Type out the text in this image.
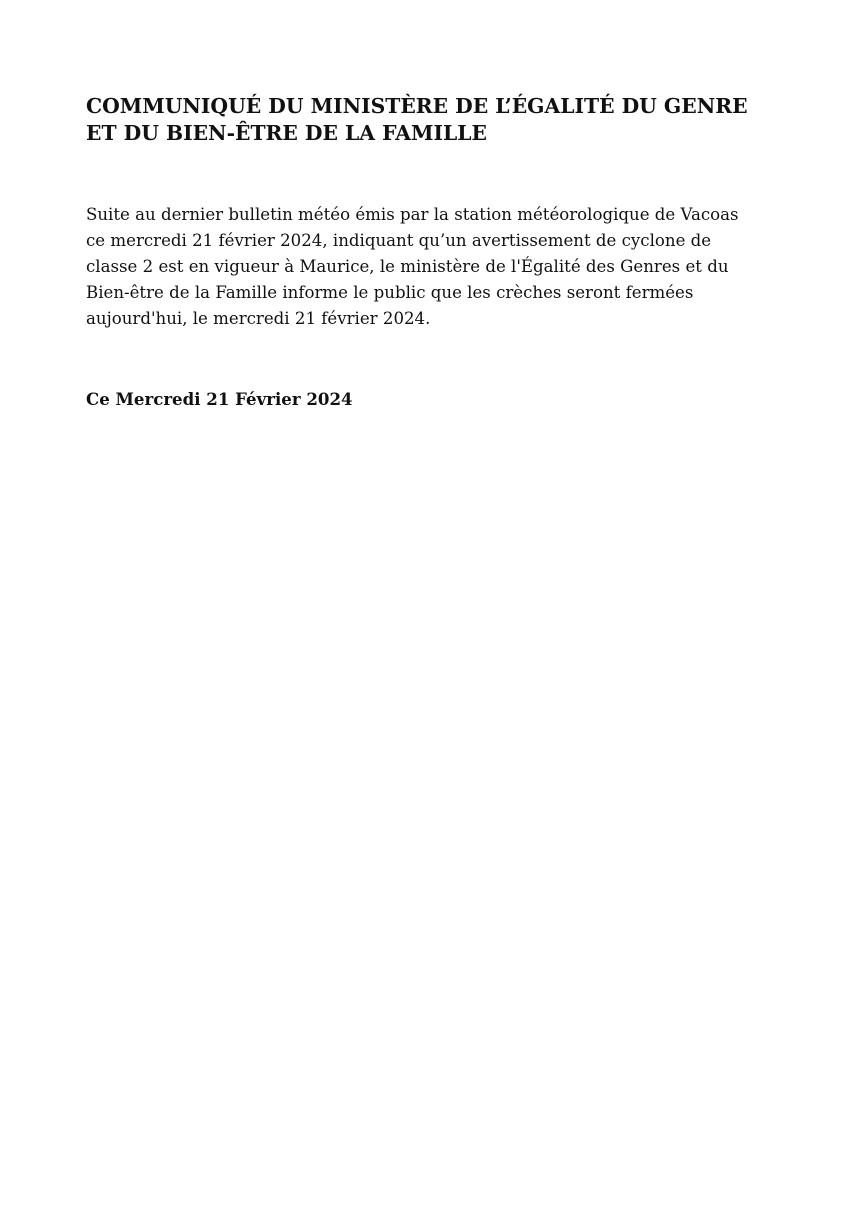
COMMUNIQUÉ DU MINISTÈRE DE L’ÉGALITÉ DU GENRE ET DU BIEN-ÊTRE DE LA FAMILLE

Suite au dernier bulletin météo émis par la station météorologique de Vacoas ce mercredi 21 février 2024, indiquant qu’un avertissement de cyclone de classe 2 est en vigueur à Maurice, le ministère de l'Égalité des Genres et du Bien-être de la Famille informe le public que les crèches seront fermées aujourd'hui, le mercredi 21 février 2024.

Ce Mercredi 21 Février 2024
